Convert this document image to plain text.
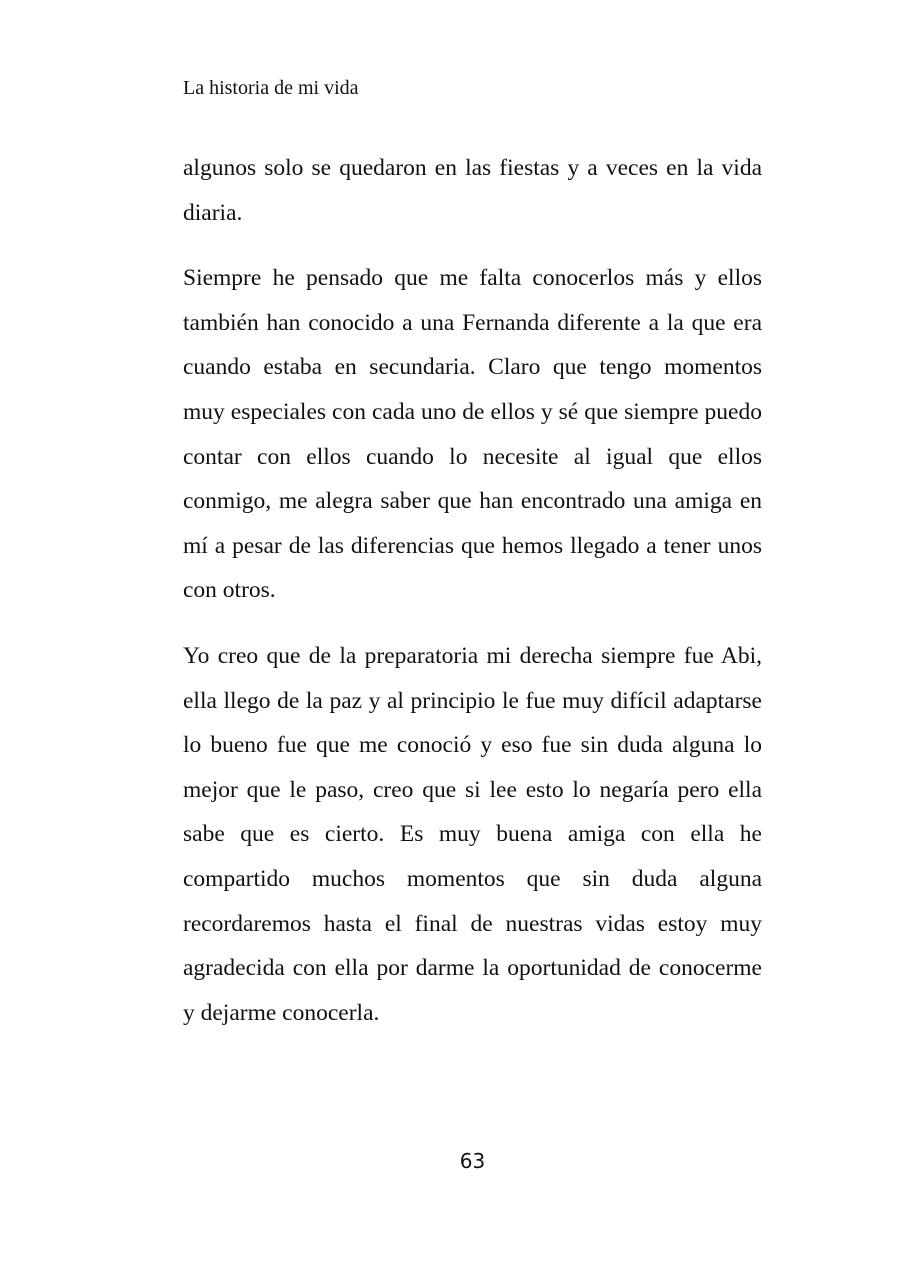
La historia de mi vida

algunos solo se quedaron en las fiestas y a veces en la vida diaria.

Siempre he pensado que me falta conocerlos más y ellos también han conocido a una Fernanda diferente a la que era cuando estaba en secundaria. Claro que tengo momentos muy especiales con cada uno de ellos y sé que siempre puedo contar con ellos cuando lo necesite al igual que ellos conmigo, me alegra saber que han encontrado una amiga en mí a pesar de las diferencias que hemos llegado a tener unos con otros.

Yo creo que de la preparatoria mi derecha siempre fue Abi, ella llego de la paz y al principio le fue muy difícil adaptarse lo bueno fue que me conoció y eso fue sin duda alguna lo mejor que le paso, creo que si lee esto lo negaría pero ella sabe que es cierto. Es muy buena amiga con ella he compartido muchos momentos que sin duda alguna recordaremos hasta el final de nuestras vidas estoy muy agradecida con ella por darme la oportunidad de conocerme y dejarme conocerla.

63
